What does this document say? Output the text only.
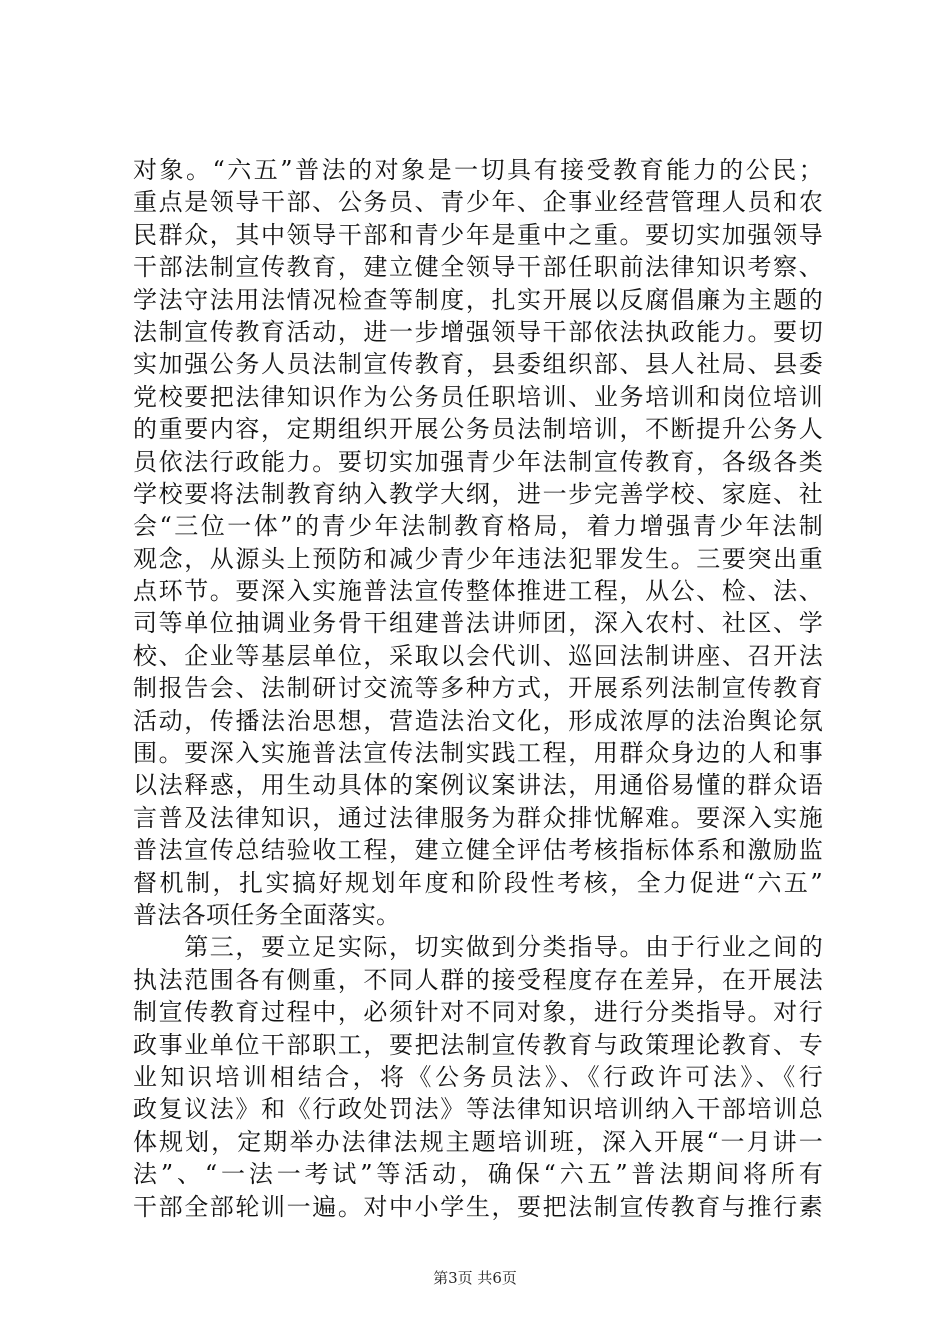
对象。“六五”普法的对象是一切具有接受教育能力的公民；
重点是领导干部、公务员、青少年、企事业经营管理人员和农
民群众，其中领导干部和青少年是重中之重。要切实加强领导
干部法制宣传教育，建立健全领导干部任职前法律知识考察、
学法守法用法情况检查等制度，扎实开展以反腐倡廉为主题的
法制宣传教育活动，进一步增强领导干部依法执政能力。要切
实加强公务人员法制宣传教育，县委组织部、县人社局、县委
党校要把法律知识作为公务员任职培训、业务培训和岗位培训
的重要内容，定期组织开展公务员法制培训，不断提升公务人
员依法行政能力。要切实加强青少年法制宣传教育，各级各类
学校要将法制教育纳入教学大纲，进一步完善学校、家庭、社
会“三位一体”的青少年法制教育格局，着力增强青少年法制
观念，从源头上预防和减少青少年违法犯罪发生。三要突出重
点环节。要深入实施普法宣传整体推进工程，从公、检、法、
司等单位抽调业务骨干组建普法讲师团，深入农村、社区、学
校、企业等基层单位，采取以会代训、巡回法制讲座、召开法
制报告会、法制研讨交流等多种方式，开展系列法制宣传教育
活动，传播法治思想，营造法治文化，形成浓厚的法治舆论氛
围。要深入实施普法宣传法制实践工程，用群众身边的人和事
以法释惑，用生动具体的案例议案讲法，用通俗易懂的群众语
言普及法律知识，通过法律服务为群众排忧解难。要深入实施
普法宣传总结验收工程，建立健全评估考核指标体系和激励监
督机制，扎实搞好规划年度和阶段性考核，全力促进“六五”
普法各项任务全面落实。
　　第三，要立足实际，切实做到分类指导。由于行业之间的
执法范围各有侧重，不同人群的接受程度存在差异，在开展法
制宣传教育过程中，必须针对不同对象，进行分类指导。对行
政事业单位干部职工，要把法制宣传教育与政策理论教育、专
业知识培训相结合，将《公务员法》、《行政许可法》、《行
政复议法》和《行政处罚法》等法律知识培训纳入干部培训总
体规划，定期举办法律法规主题培训班，深入开展“一月讲一
法”、“一法一考试”等活动，确保“六五”普法期间将所有
干部全部轮训一遍。对中小学生，要把法制宣传教育与推行素
第3页 共6页
